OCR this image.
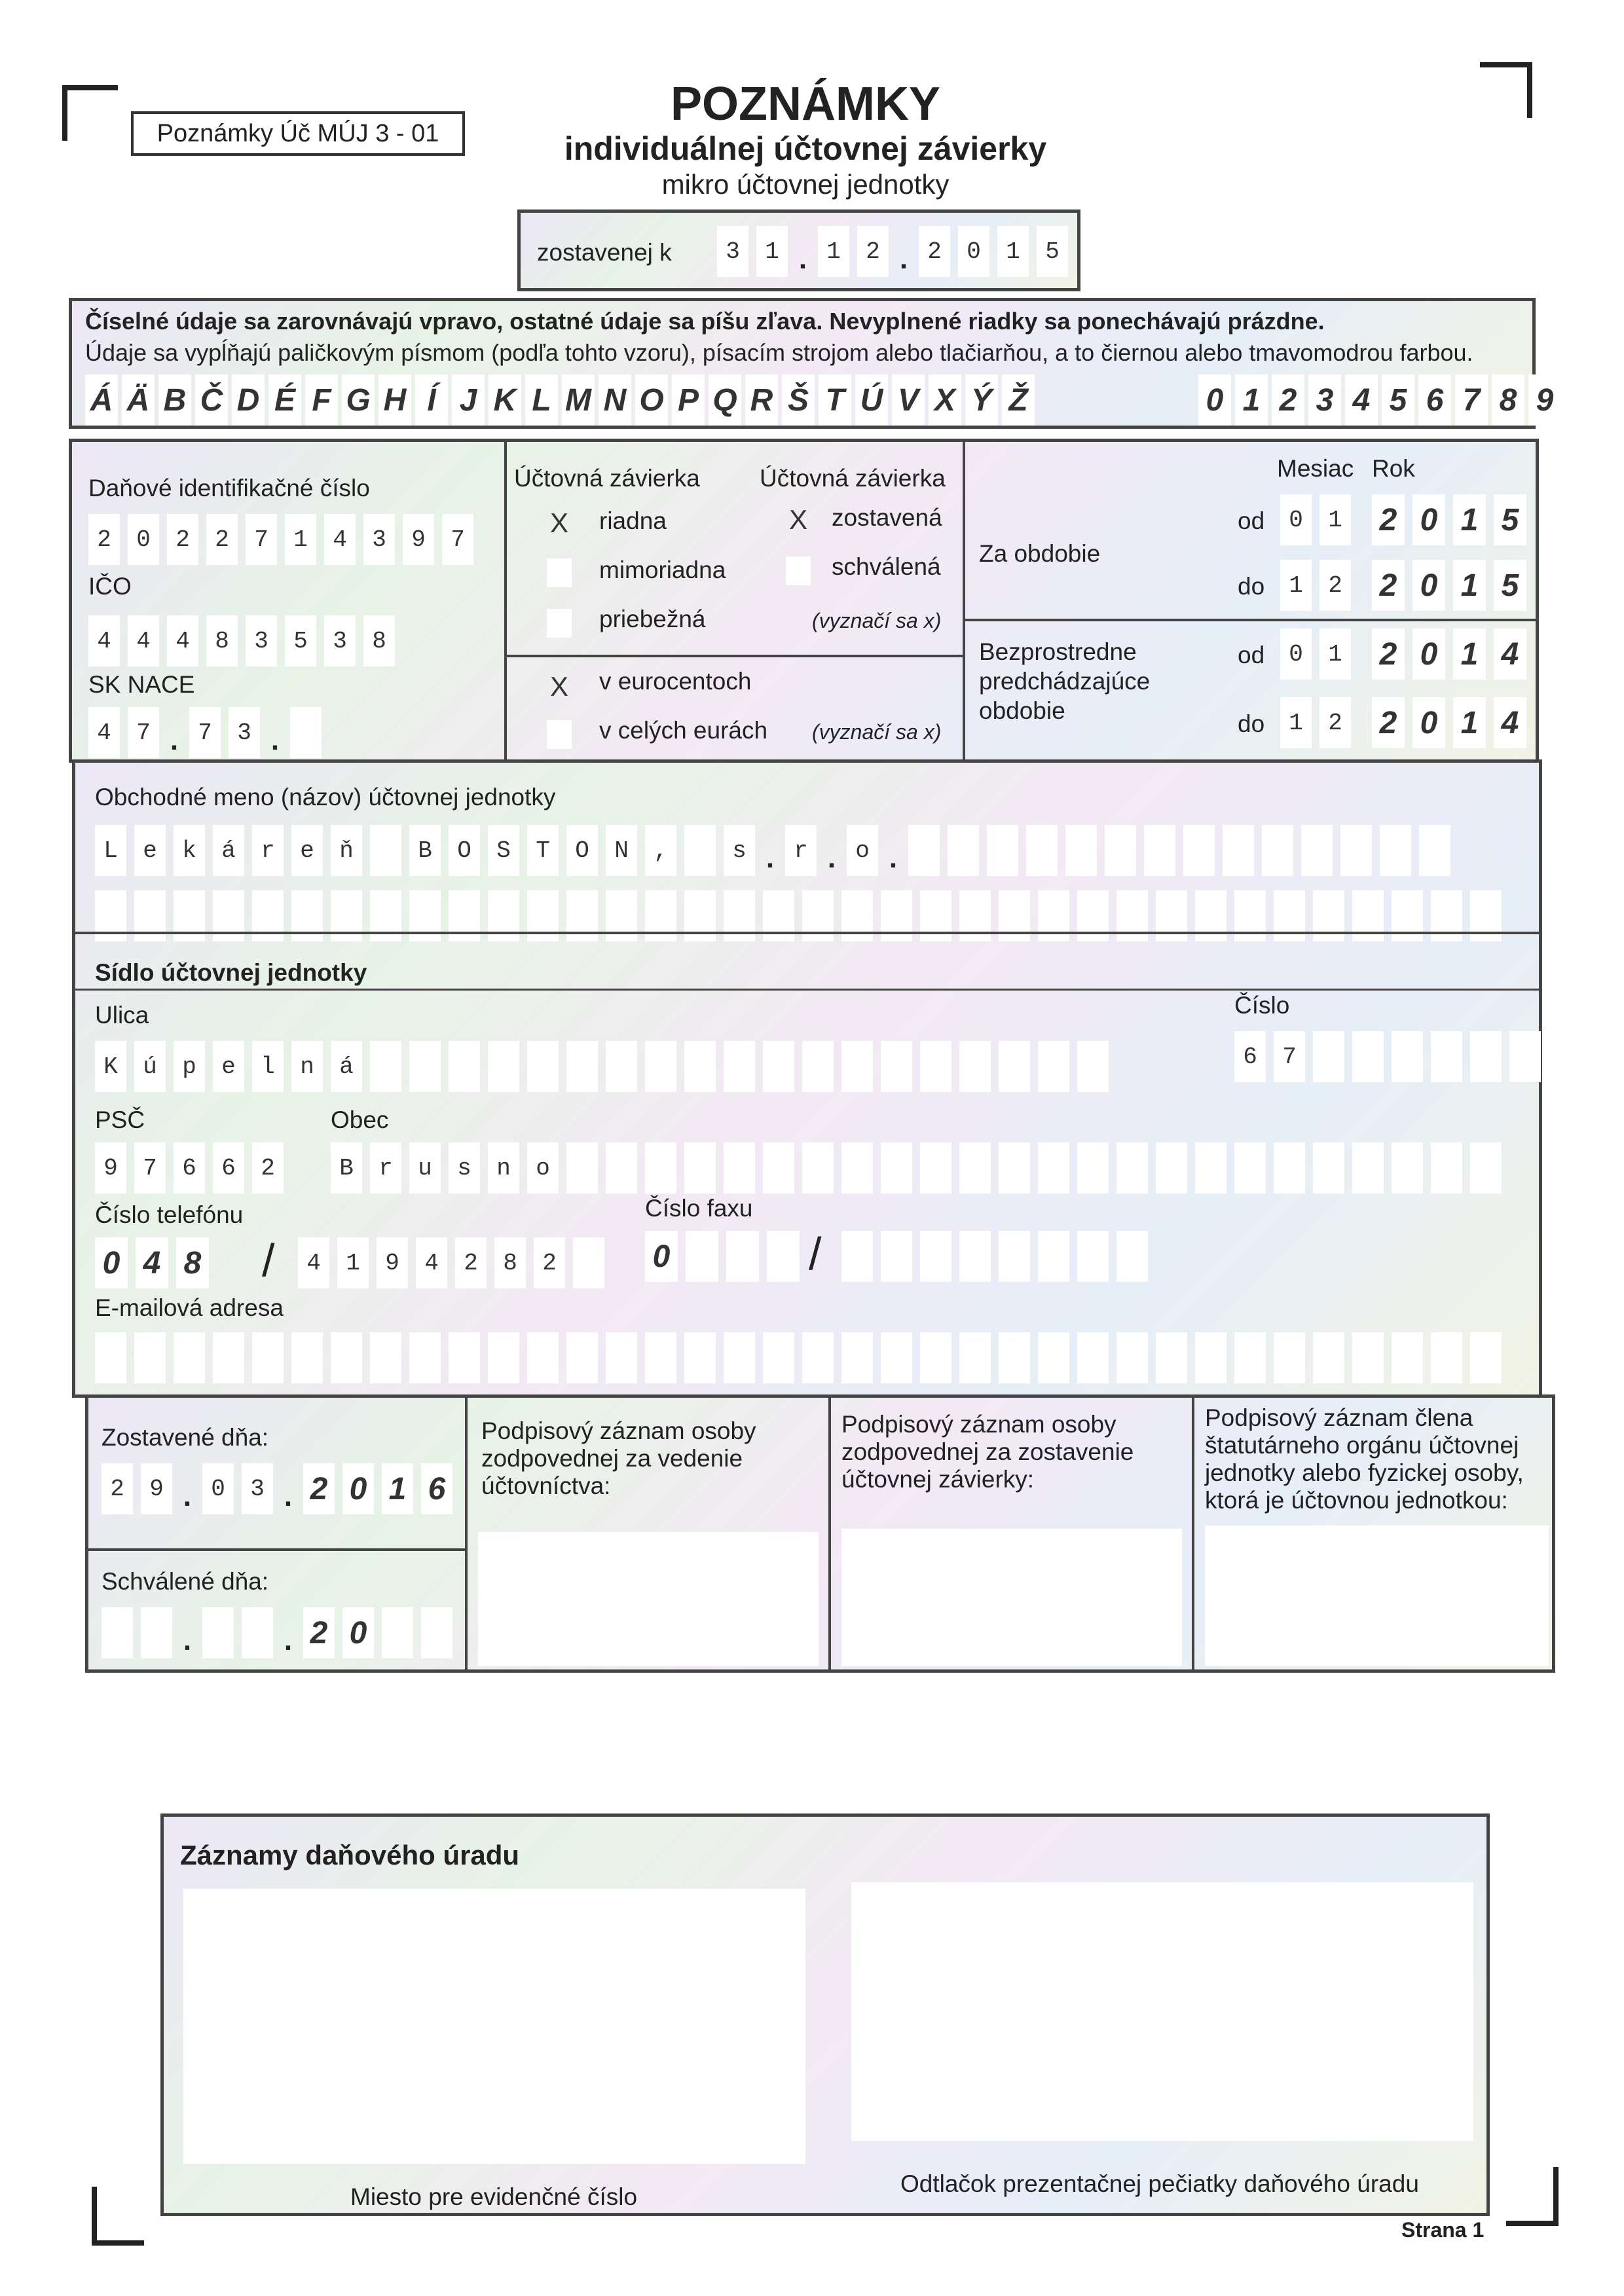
Poznámky Úč MÚJ 3 - 01
POZNÁMKY
individuálnej účtovnej závierky
mikro účtovnej jednotky
zostavenej k	3	1 . 1	2 . 2	0	1	5
Číselné údaje sa zarovnávajú vpravo, ostatné údaje sa píšu zľava. Nevyplnené riadky sa ponechávajú prázdne.
Údaje sa vypĺňajú paličkovým písmom (podľa tohto vzoru), písacím strojom alebo tlačiarňou, a to čiernou alebo tmavomodrou farbou.
Á Ä B Č D É F G H Í J K L M N O P Q R Š T Ú V X Ý Ž	0 1 2 3 4 5 6 7 8 9
Daňové identifikačné číslo
2	0	2	2	7	1	4	3	9	7
IČO
4	4	4	8	3	5	3	8
SK NACE
4	7 . 7	3 .
Účtovná závierka Účtovná závierka
X riadna
mimoriadna
priebežná
X zostavená
schválená
(vyznačí sa x)
X v eurocentoch
v celých eurách (vyznačí sa x)
Mesiac Rok
Za obdobie
od	0	1 2 0 1 5
do	1	2 2 0 1 5
Bezprostredne
predchádzajúce
obdobie
od	0	1 2 0 1 4
do	1	2 2 0 1 4
Obchodné meno (názov) účtovnej jednotky
L	e	k	á	r	e	ň	B	O	S	T	O	N	,	s . r . o .
Sídlo účtovnej jednotky
Ulica
K	ú	p	e	l	n	á
Číslo
6	7
PSČ
9	7	6	6	2
Obec
B	r	u	s	n	o
Číslo telefónu
0 4 8 /	4	1	9	4	2	8	2
Číslo faxu
0	/
E-mailová adresa
Zostavené dňa:
2	9 . 0	3 . 2 0 1 6
Schválené dňa:
.	. 2 0
Podpisový záznam osoby
zodpovednej za vedenie
účtovníctva:
Podpisový záznam osoby
zodpovednej za zostavenie
účtovnej závierky:
Podpisový záznam člena
štatutárneho orgánu účtovnej
jednotky alebo fyzickej osoby,
ktorá je účtovnou jednotkou:
Záznamy daňového úradu
Miesto pre evidenčné číslo	Odtlačok prezentačnej pečiatky daňového úradu
Strana 1
